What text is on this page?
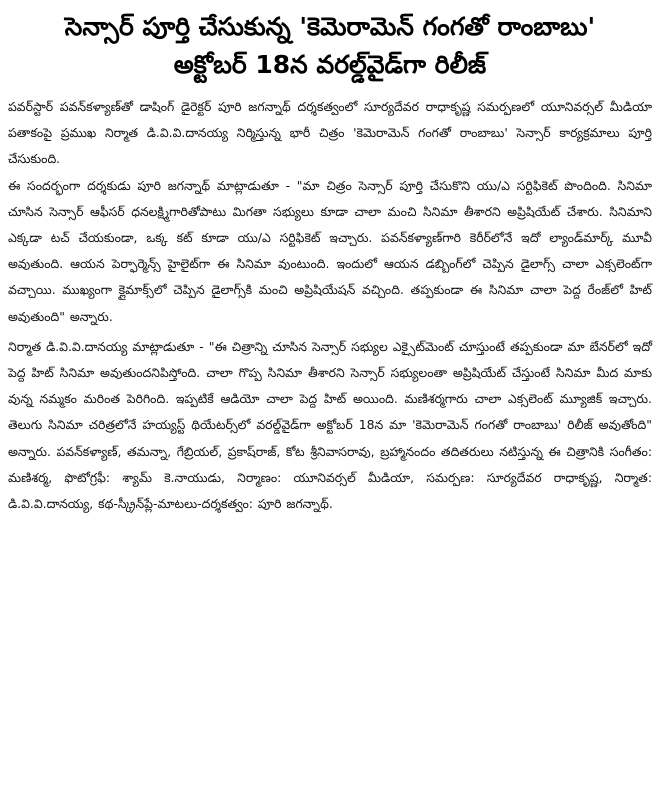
సెన్సార్ పూర్తి చేసుకున్న 'కెమెరామెన్ గంగతో రాంబాబు'
అక్టోబర్ 18న వరల్డ్‌వైడ్‌గా రిలీజ్

పవర్‌స్టార్ పవన్‌కళ్యాణ్‌తో డాషింగ్ డైరెక్టర్ పూరి జగన్నాథ్ దర్శకత్వంలో సూర్యదేవర రాధాకృష్ణ సమర్పణలో యూనివర్సల్ మీడియా పతాకంపై ప్రముఖ నిర్మాత డి.వి.వి.దానయ్య నిర్మిస్తున్న భారీ చిత్రం 'కెమెరామెన్ గంగతో రాంబాబు' సెన్సార్ కార్యక్రమాలు పూర్తి చేసుకుంది.

ఈ సందర్భంగా దర్శకుడు పూరి జగన్నాథ్ మాట్లాడుతూ - "మా చిత్రం సెన్సార్ పూర్తి చేసుకొని యు/ఎ సర్టిఫికెట్ పొందింది. సినిమా చూసిన సెన్సార్ ఆఫీసర్ ధనలక్ష్మిగారితోపాటు మిగతా సభ్యులు కూడా చాలా మంచి సినిమా తీశారని అప్రిషియేట్ చేశారు. సినిమాని ఎక్కడా టచ్ చేయకుండా, ఒక్క కట్ కూడా యు/ఎ సర్టిఫికెట్ ఇచ్చారు. పవన్‌కళ్యాణ్‌గారి కెరీర్‌లోనే ఇదో ల్యాండ్‌మార్క్ మూవీ అవుతుంది. ఆయన పెర్ఫార్మెన్స్ హైలైట్‌గా ఈ సినిమా వుంటుంది. ఇందులో ఆయన డబ్బింగ్‌లో చెప్పిన డైలాగ్స్ చాలా ఎక్సలెంట్‌గా వచ్చాయి. ముఖ్యంగా క్లైమాక్స్‌లో చెప్పిన డైలాగ్స్‌కి మంచి అప్రిషియేషన్ వచ్చింది. తప్పకుండా ఈ సినిమా చాలా పెద్ద రేంజ్‌లో హిట్ అవుతుంది" అన్నారు.

నిర్మాత డి.వి.వి.దానయ్య మాట్లాడుతూ - "ఈ చిత్రాన్ని చూసిన సెన్సార్ సభ్యుల ఎక్సైట్‌మెంట్ చూస్తుంటే తప్పకుండా మా బేనర్‌లో ఇదో పెద్ద హిట్ సినిమా అవుతుందనిపిస్తోంది. చాలా గొప్ప సినిమా తీశారని సెన్సార్ సభ్యులంతా అప్రిషియేట్ చేస్తుంటే సినిమా మీద మాకు వున్న నమ్మకం మరింత పెరిగింది. ఇప్పటికే ఆడియో చాలా పెద్ద హిట్ అయింది. మణిశర్మగారు చాలా ఎక్సలెంట్ మ్యూజిక్ ఇచ్చారు. తెలుగు సినిమా చరిత్రలోనే హయ్యస్ట్ థియేటర్స్‌లో వరల్డ్‌వైడ్‌గా అక్టోబర్ 18న మా 'కెమెరామెన్ గంగతో రాంబాబు' రిలీజ్ అవుతోంది" అన్నారు. పవన్‌కళ్యాణ్, తమన్నా, గేబ్రియల్, ప్రకాష్‌రాజ్, కోట శ్రీనివాసరావు, బ్రహ్మానందం తదితరులు నటిస్తున్న ఈ చిత్రానికి సంగీతం: మణిశర్మ, ఫొటోగ్రఫీ: శ్యామ్ కె.నాయుడు, నిర్మాణం: యూనివర్సల్ మీడియా, సమర్పణ: సూర్యదేవర రాధాకృష్ణ, నిర్మాత: డి.వి.వి.దానయ్య, కథ-స్క్రీన్‌ప్లే-మాటలు-దర్శకత్వం: పూరి జగన్నాథ్.
